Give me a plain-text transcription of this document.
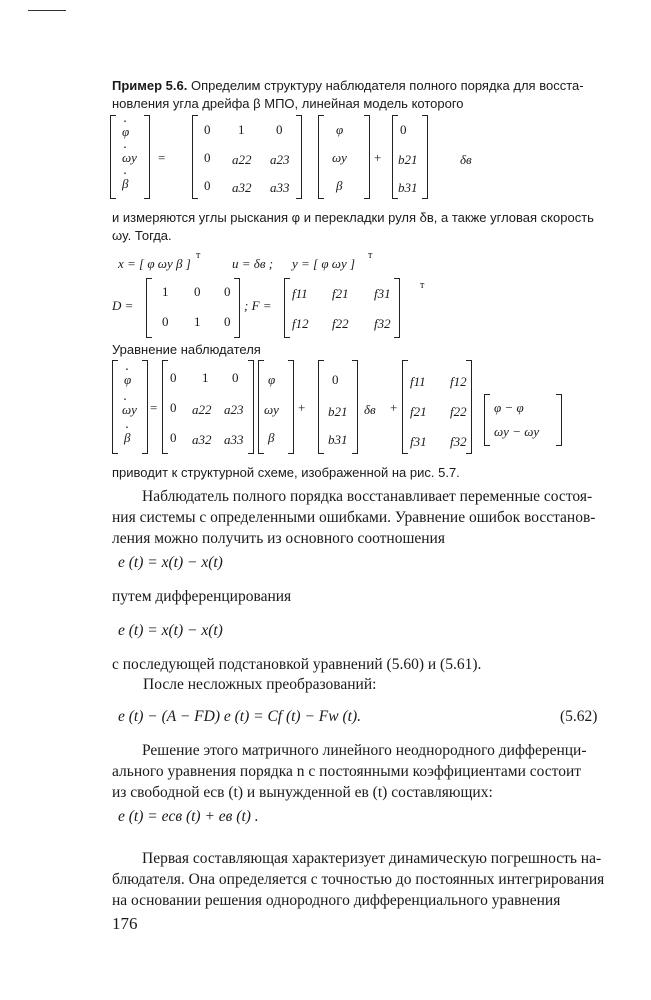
Пример 5.6. Определим структуру наблюдателя полного порядка для восста-
новления угла дрейфа β МПО, линейная модель которого
· φ
· ωy
· β
=
0 1 0
0 a22 a23
0 a32 a33
φ
ωy
β
+
0
b21
b31
δв
и измеряются углы рыскания φ и перекладки руля δв, а также угловая скорость
ωy. Тогда.
x = [ φ ωy β ]
т
u = δв ; y = [ φ ωy ]
т
D =
1 0 0
0 1 0
; F =
f11 f21 f31
f12 f22 f32
т
Уравнение наблюдателя
· φ
· ωy
· β
=
0 1 0
0 a22 a23
0 a32 a33
φ
ωy
β
+
0
b21
b31
δв +
f11 f12
f21 f22
f31 f32
φ − φ
ωy − ωy
приводит к структурной схеме, изображенной на рис. 5.7.
Наблюдатель полного порядка восстанавливает переменные состоя-
ния системы с определенными ошибками. Уравнение ошибок восстанов-
ления можно получить из основного соотношения
e (t) = x(t) − x(t)
путем дифференцирования
e (t) = x(t) − x(t)
с последующей подстановкой уравнений (5.60) и (5.61).
После несложных преобразований:
e (t) − (A − FD) e (t) = Cf (t) − Fw (t).	(5.62)
Решение этого матричного линейного неоднородного дифференци-
ального уравнения порядка n с постоянными коэффициентами состоит
из свободной eсв (t) и вынужденной eв (t) составляющих:
e (t) = eсв (t) + eв (t) .
Первая составляющая характеризует динамическую погрешность на-
блюдателя. Она определяется с точностью до постоянных интегрирования
на основании решения однородного дифференциального уравнения
176
